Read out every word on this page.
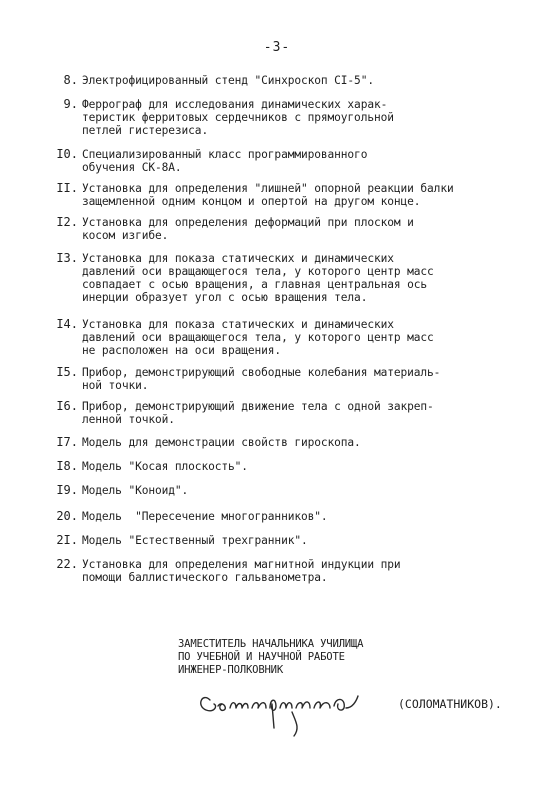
-3-
8. Электрофицированный стенд "Синхроскоп СI-5".
9. Феррограф для исследования динамических харак-
теристик ферритовых сердечников с прямоугольной
петлей гистерезиса.
I0. Специализированный класс программированного
обучения СК-8А.
II. Установка для определения "лишней" опорной реакции балки
защемленной одним концом и опертой на другом конце.
I2. Установка для определения деформаций при плоском и
косом изгибе.
I3. Установка для показа статических и динамических
давлений оси вращающегося тела, у которого центр масс
совпадает с осью вращения, а главная центральная ось
инерции образует угол с осью вращения тела.
I4. Установка для показа статических и динамических
давлений оси вращающегося тела, у которого центр масс
не расположен на оси вращения.
I5. Прибор, демонстрирующий свободные колебания материаль-
ной точки.
I6. Прибор, демонстрирующий движение тела с одной закреп-
ленной точкой.
I7. Модель для демонстрации свойств гироскопа.
I8. Модель "Косая плоскость".
I9. Модель "Коноид".
20. Модель  "Пересечение многогранников".
2I. Модель "Естественный трехгранник".
22. Установка для определения магнитной индукции при
помощи баллистического гальванометра.
ЗАМЕСТИТЕЛЬ НАЧАЛЬНИКА УЧИЛИЩА
ПО УЧЕБНОЙ И НАУЧНОЙ РАБОТЕ
ИНЖЕНЕР-ПОЛКОВНИК
(СОЛОМАТНИКОВ).
